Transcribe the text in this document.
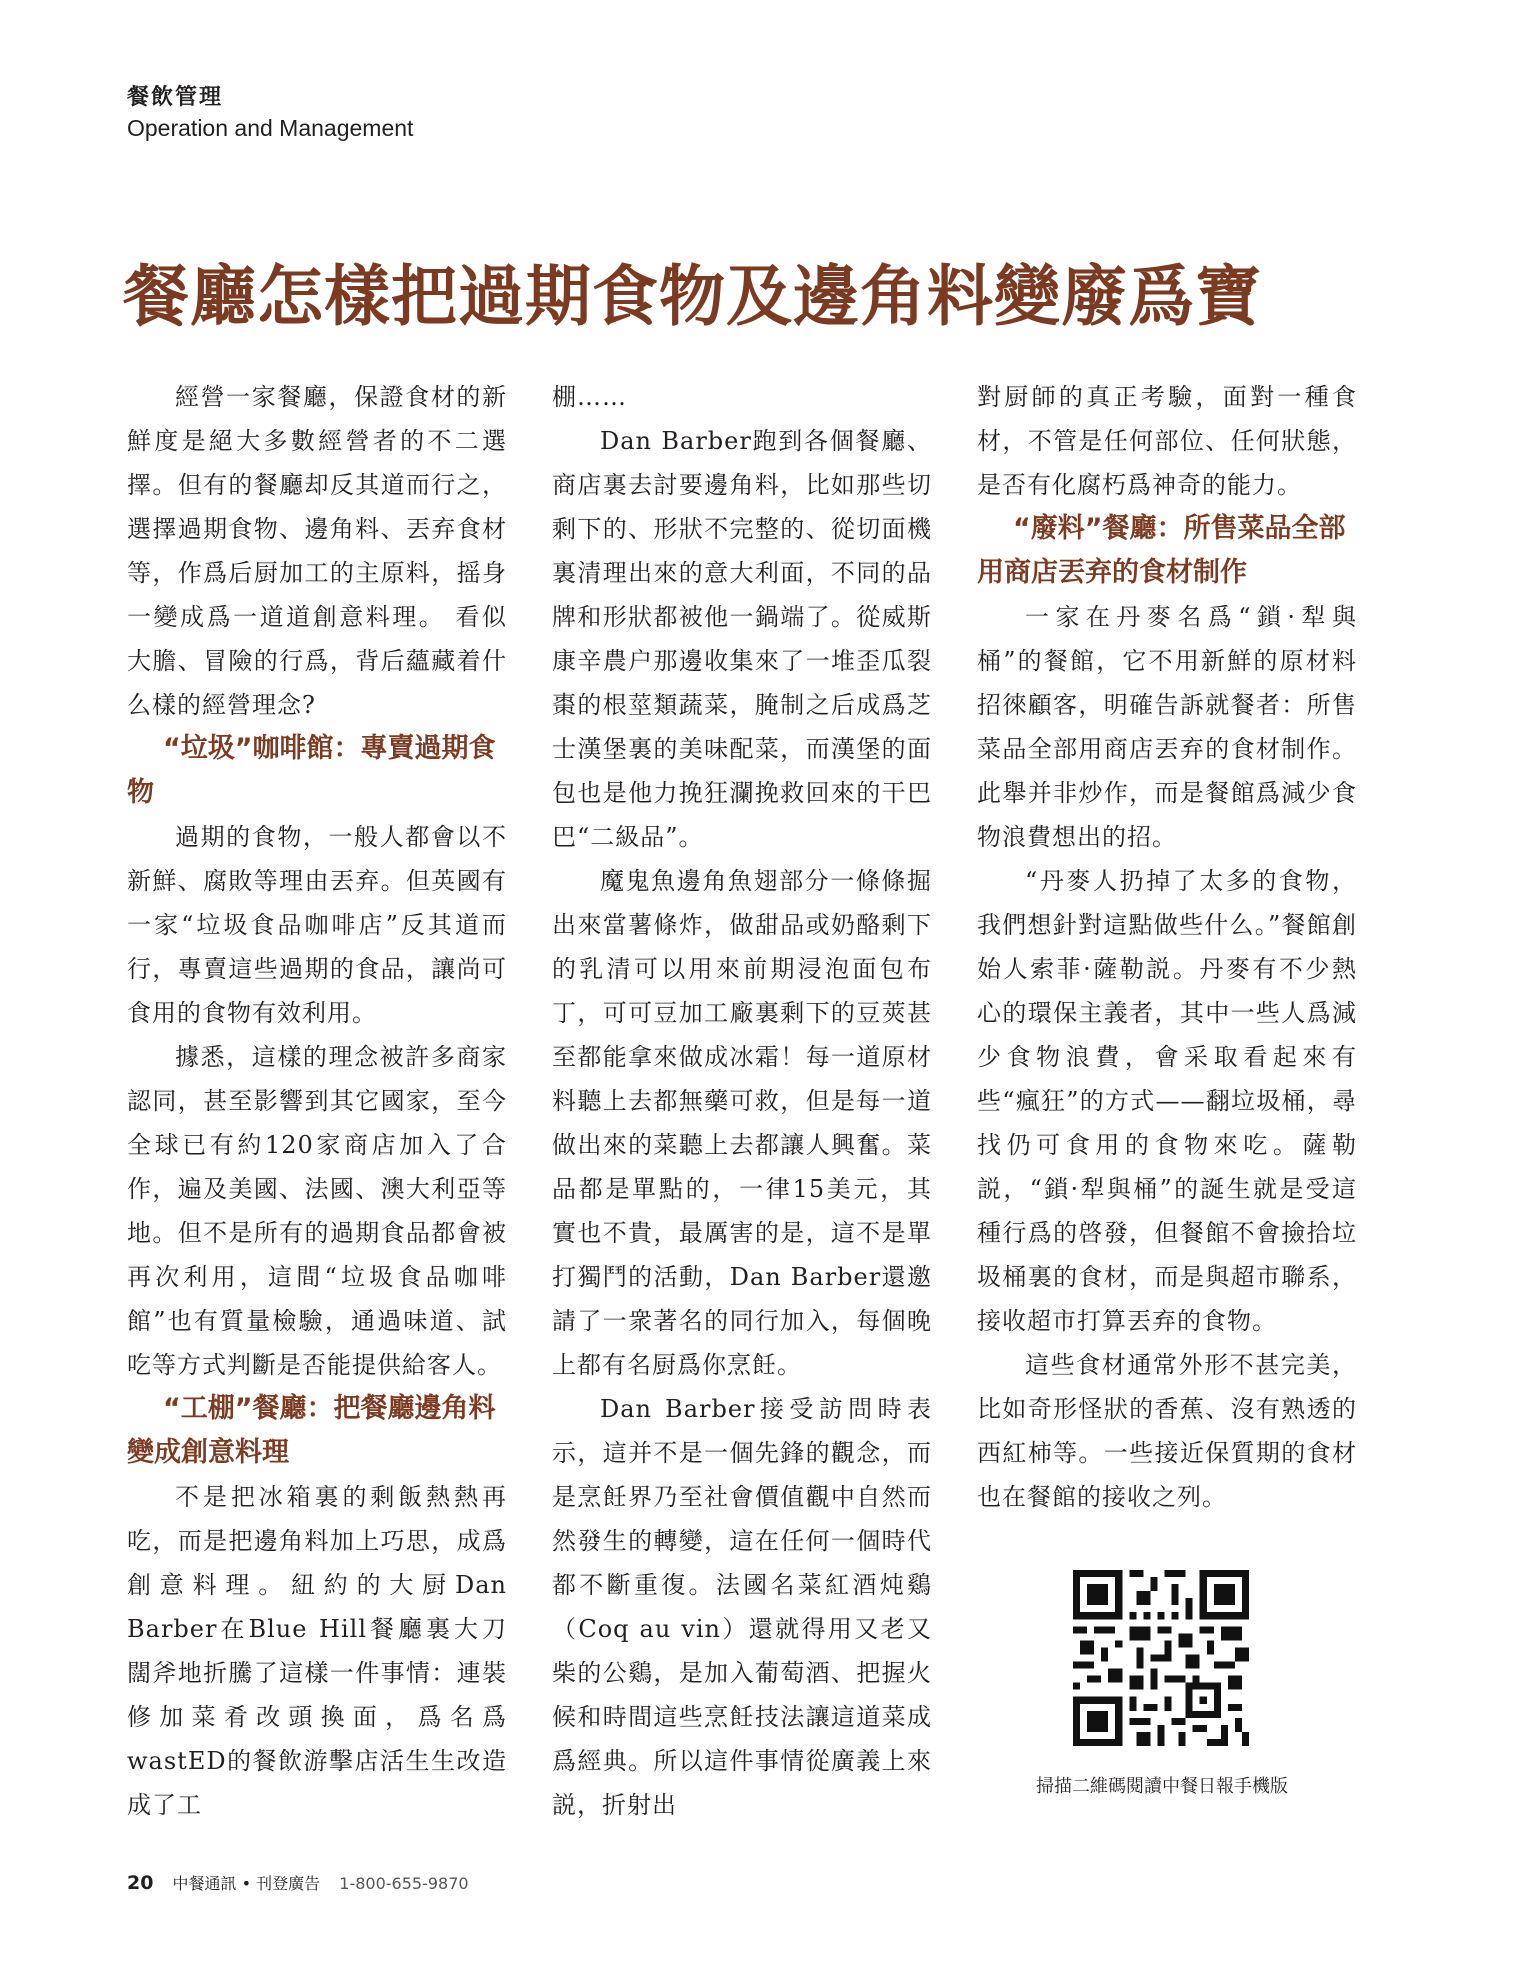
餐飲管理
Operation and Management
餐廳怎樣把過期食物及邊角料變廢爲寶

經營一家餐廳，保證食材的新鮮度是絕大多數經營者的不二選擇。但有的餐廳却反其道而行之，選擇過期食物、邊角料、丟弃食材等，作爲后厨加工的主原料，摇身一變成爲一道道創意料理。 看似大膽、冒險的行爲，背后蘊藏着什么樣的經營理念?

“垃圾”咖啡館：專賣過期食物

過期的食物，一般人都會以不新鮮、腐敗等理由丟弃。但英國有一家“垃圾食品咖啡店”反其道而行，專賣這些過期的食品，讓尚可食用的食物有效利用。

據悉，這樣的理念被許多商家認同，甚至影響到其它國家，至今全球已有約120家商店加入了合作，遍及美國、法國、澳大利亞等地。但不是所有的過期食品都會被再次利用，這間“垃圾食品咖啡館”也有質量檢驗，通過味道、試吃等方式判斷是否能提供給客人。

“工棚”餐廳：把餐廳邊角料變成創意料理

不是把冰箱裏的剩飯熱熱再吃，而是把邊角料加上巧思，成爲創意料理。紐約的大厨Dan Barber在Blue Hill餐廳裏大刀闊斧地折騰了這樣一件事情：連裝修加菜肴改頭換面，爲名爲wastED的餐飲游擊店活生生改造成了工

棚……

Dan Barber跑到各個餐廳、商店裏去討要邊角料，比如那些切剩下的、形狀不完整的、從切面機裏清理出來的意大利面，不同的品牌和形狀都被他一鍋端了。從威斯康辛農户那邊收集來了一堆歪瓜裂棗的根莖類蔬菜，腌制之后成爲芝士漢堡裏的美味配菜，而漢堡的面包也是他力挽狂瀾挽救回來的干巴巴“二級品”。

魔鬼魚邊角魚翅部分一條條掘出來當薯條炸，做甜品或奶酪剩下的乳清可以用來前期浸泡面包布丁，可可豆加工廠裏剩下的豆莢甚至都能拿來做成冰霜！每一道原材料聽上去都無藥可救，但是每一道做出來的菜聽上去都讓人興奮。菜品都是單點的，一律15美元，其實也不貴，最厲害的是，這不是單打獨鬥的活動，Dan Barber還邀請了一衆著名的同行加入，每個晚上都有名厨爲你烹飪。

Dan Barber接受訪問時表示，這并不是一個先鋒的觀念，而是烹飪界乃至社會價值觀中自然而然發生的轉變，這在任何一個時代都不斷重復。法國名菜紅酒炖鷄（Coq au vin）還就得用又老又柴的公鷄，是加入葡萄酒、把握火候和時間這些烹飪技法讓這道菜成爲經典。所以這件事情從廣義上來説，折射出

對厨師的真正考驗，面對一種食材，不管是任何部位、任何狀態，是否有化腐朽爲神奇的能力。

“廢料”餐廳：所售菜品全部用商店丟弃的食材制作

一家在丹麥名爲“鎖·犁與桶”的餐館，它不用新鮮的原材料招徠顧客，明確告訴就餐者：所售菜品全部用商店丟弃的食材制作。此舉并非炒作，而是餐館爲減少食物浪費想出的招。

“丹麥人扔掉了太多的食物，我們想針對這點做些什么。”餐館創始人索菲·薩勒説。丹麥有不少熱心的環保主義者，其中一些人爲減少食物浪費，會采取看起來有些“瘋狂”的方式——翻垃圾桶，尋找仍可食用的食物來吃。薩勒説，“鎖·犁與桶”的誕生就是受這種行爲的啓發，但餐館不會撿拾垃圾桶裏的食材，而是與超市聯系，接收超市打算丟弃的食物。

這些食材通常外形不甚完美，比如奇形怪狀的香蕉、沒有熟透的西紅柿等。一些接近保質期的食材也在餐館的接收之列。

掃描二維碼閱讀中餐日報手機版
20 中餐通訊 • 刊登廣告 1-800-655-9870
